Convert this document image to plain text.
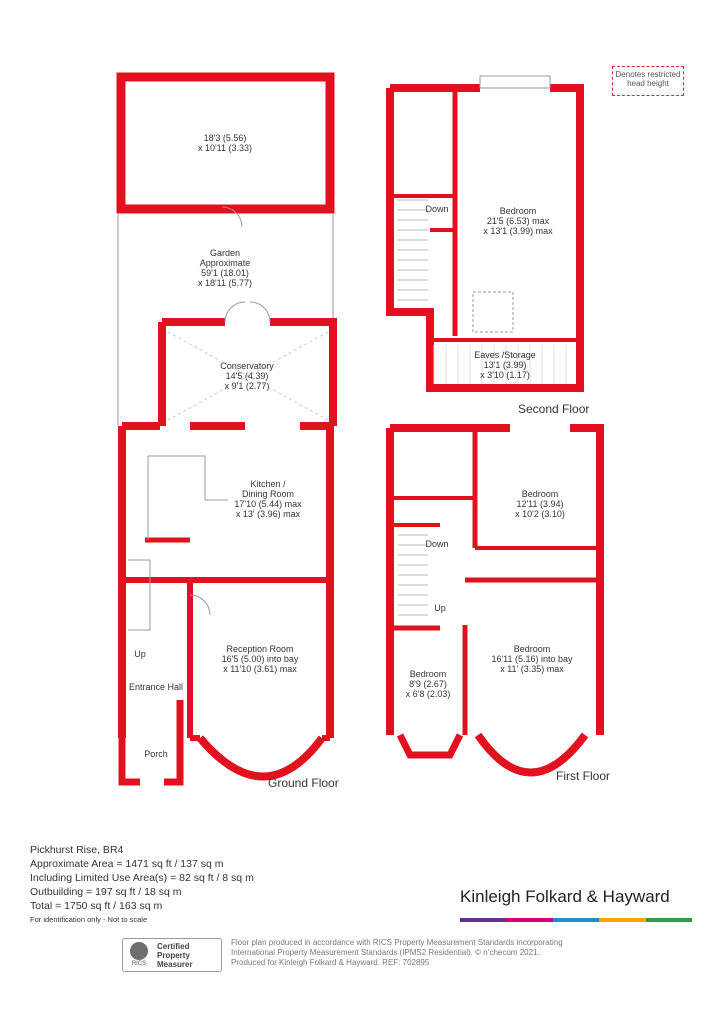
18'3 (5.56)
x 10'11 (3.33)
Garden
Approximate
59'1 (18.01)
x 18'11 (5.77)
Conservatory
14'5 (4.39)
x 9'1 (2.77)
Kitchen /
Dining Room
17'10 (5.44) max
x 13' (3.96) max
Reception Room
16'5 (5.00) into bay
x 11'10 (3.61) max
Up
Entrance Hall
Porch
Ground Floor
Down	Bedroom
21'5 (6.53) max
x 13'1 (3.99) max
Eaves /Storage
13'1 (3.99)
x 3'10 (1.17)
Second Floor
Bedroom
12'11 (3.94)
x 10'2 (3.10)
Down
Up
Bedroom
16'11 (5.16) into bay
x 11' (3.35) max
Bedroom
8'9 (2.67)
x 6'8 (2.03)
First Floor
Denotes restricted head height
Pickhurst Rise, BR4
Approximate Area = 1471 sq ft / 137 sq m
Including Limited Use Area(s) = 82 sq ft / 8 sq m
Outbuilding = 197 sq ft / 18 sq m
Total = 1750 sq ft / 163 sq m
For identification only - Not to scale
Kinleigh Folkard & Hayward
RICS
Certified
Property
Measurer
Floor plan produced in accordance with RICS Property Measurement Standards incorporating
International Property Measurement Standards (IPMS2 Residential). © n’checom 2021.
Produced for Kinleigh Folkard & Hayward. REF: 702895
